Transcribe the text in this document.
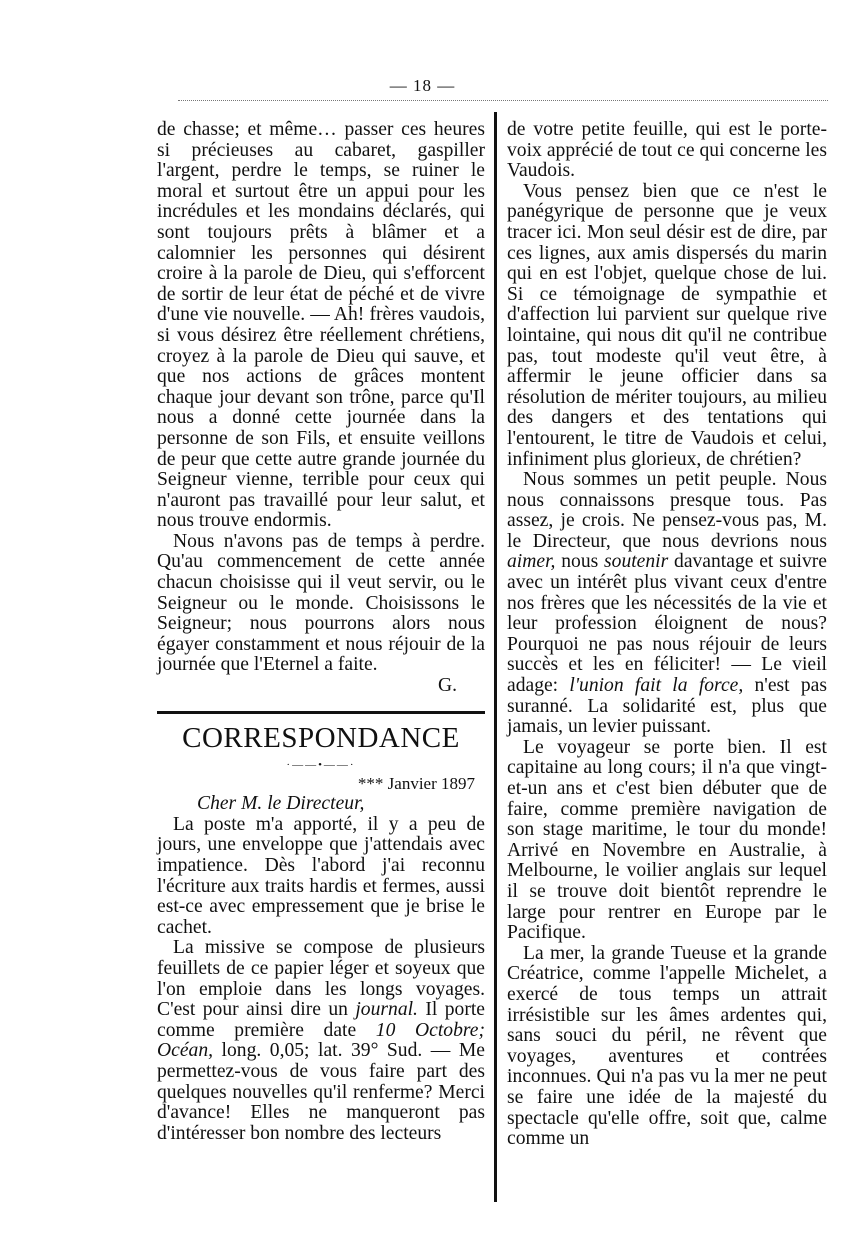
— 18 —

de chasse; et même… passer ces heures si précieuses au cabaret, gaspiller l'argent, perdre le temps, se ruiner le moral et surtout être un appui pour les incrédules et les mondains déclarés, qui sont toujours prêts à blâmer et a calomnier les personnes qui désirent croire à la parole de Dieu, qui s'efforcent de sortir de leur état de péché et de vivre d'une vie nouvelle. — Ah! frères vaudois, si vous désirez être réellement chrétiens, croyez à la parole de Dieu qui sauve, et que nos actions de grâces montent chaque jour devant son trône, parce qu'Il nous a donné cette journée dans la personne de son Fils, et ensuite veillons de peur que cette autre grande journée du Seigneur vienne, terrible pour ceux qui n'auront pas travaillé pour leur salut, et nous trouve endormis.

Nous n'avons pas de temps à perdre. Qu'au commencement de cette année chacun choisisse qui il veut servir, ou le Seigneur ou le monde. Choisissons le Seigneur; nous pourrons alors nous égayer constamment et nous réjouir de la journée que l'Eternel a faite.

G.
CORRESPONDANCE
·——•——·
*** Janvier 1897
Cher M. le Directeur,

La poste m'a apporté, il y a peu de jours, une enveloppe que j'attendais avec impatience. Dès l'abord j'ai reconnu l'écriture aux traits hardis et fermes, aussi est-ce avec empressement que je brise le cachet.

La missive se compose de plusieurs feuillets de ce papier léger et soyeux que l'on emploie dans les longs voyages. C'est pour ainsi dire un journal. Il porte comme première date 10 Octobre; Océan, long. 0,05; lat. 39° Sud. — Me permettez-vous de vous faire part des quelques nouvelles qu'il renferme? Merci d'avance! Elles ne manqueront pas d'intéresser bon nombre des lecteurs

de votre petite feuille, qui est le porte-voix apprécié de tout ce qui concerne les Vaudois.

Vous pensez bien que ce n'est le panégyrique de personne que je veux tracer ici. Mon seul désir est de dire, par ces lignes, aux amis dispersés du marin qui en est l'objet, quelque chose de lui. Si ce témoignage de sympathie et d'affection lui parvient sur quelque rive lointaine, qui nous dit qu'il ne contribue pas, tout modeste qu'il veut être, à affermir le jeune officier dans sa résolution de mériter toujours, au milieu des dangers et des tentations qui l'entourent, le titre de Vaudois et celui, infiniment plus glorieux, de chrétien?

Nous sommes un petit peuple. Nous nous connaissons presque tous. Pas assez, je crois. Ne pensez-vous pas, M. le Directeur, que nous devrions nous aimer, nous soutenir davantage et suivre avec un intérêt plus vivant ceux d'entre nos frères que les nécessités de la vie et leur profession éloignent de nous? Pourquoi ne pas nous réjouir de leurs succès et les en féliciter! — Le vieil adage: l'union fait la force, n'est pas suranné. La solidarité est, plus que jamais, un levier puissant.

Le voyageur se porte bien. Il est capitaine au long cours; il n'a que vingt-et-un ans et c'est bien débuter que de faire, comme première navigation de son stage maritime, le tour du monde! Arrivé en Novembre en Australie, à Melbourne, le voilier anglais sur lequel il se trouve doit bientôt reprendre le large pour rentrer en Europe par le Pacifique.

La mer, la grande Tueuse et la grande Créatrice, comme l'appelle Michelet, a exercé de tous temps un attrait irrésistible sur les âmes ardentes qui, sans souci du péril, ne rêvent que voyages, aventures et contrées inconnues. Qui n'a pas vu la mer ne peut se faire une idée de la majesté du spectacle qu'elle offre, soit que, calme comme un
